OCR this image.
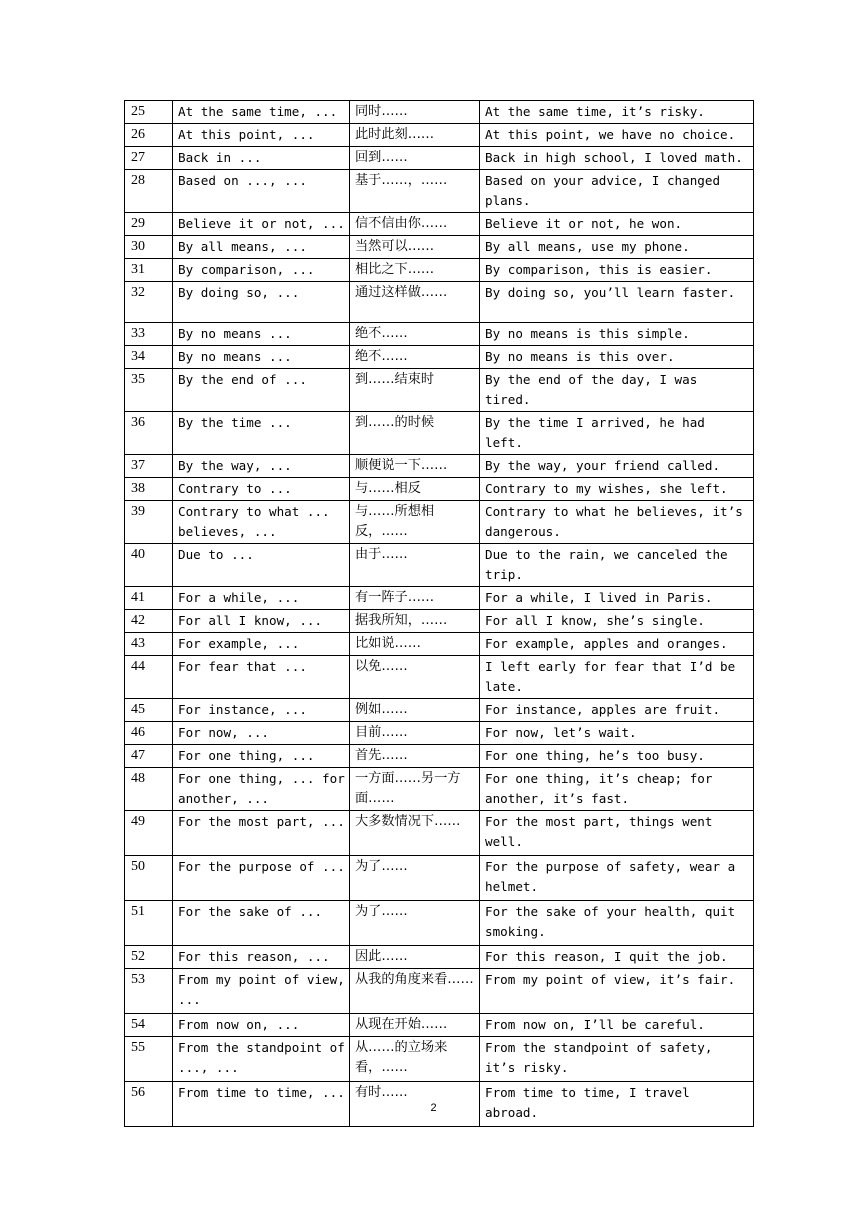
25	At the same time, ...	同时……	At the same time, it’s risky.
26	At this point, ...	此时此刻……	At this point, we have no choice.
27	Back in ...	回到……	Back in high school, I loved math.
28	Based on ..., ...	基于……，……	Based on your advice, I changed plans.
29	Believe it or not, ...	信不信由你……	Believe it or not, he won.
30	By all means, ...	当然可以……	By all means, use my phone.
31	By comparison, ...	相比之下……	By comparison, this is easier.
32	By doing so, ...	通过这样做……	By doing so, you’ll learn faster.
33	By no means ...	绝不……	By no means is this simple.
34	By no means ...	绝不……	By no means is this over.
35	By the end of ...	到……结束时	By the end of the day, I was tired.
36	By the time ...	到……的时候	By the time I arrived, he had left.
37	By the way, ...	顺便说一下……	By the way, your friend called.
38	Contrary to ...	与……相反	Contrary to my wishes, she left.
39	Contrary to what ... believes, ...	与……所想相反，……	Contrary to what he believes, it’s dangerous.
40	Due to ...	由于……	Due to the rain, we canceled the trip.
41	For a while, ...	有一阵子……	For a while, I lived in Paris.
42	For all I know, ...	据我所知，……	For all I know, she’s single.
43	For example, ...	比如说……	For example, apples and oranges.
44	For fear that ...	以免……	I left early for fear that I’d be late.
45	For instance, ...	例如……	For instance, apples are fruit.
46	For now, ...	目前……	For now, let’s wait.
47	For one thing, ...	首先……	For one thing, he’s too busy.
48	For one thing, ... for another, ...	一方面……另一方面……	For one thing, it’s cheap; for another, it’s fast.
49	For the most part, ...	大多数情况下……	For the most part, things went well.
50	For the purpose of ...	为了……	For the purpose of safety, wear a helmet.
51	For the sake of ...	为了……	For the sake of your health, quit smoking.
52	For this reason, ...	因此……	For this reason, I quit the job.
53	From my point of view, ...	从我的角度来看……	From my point of view, it’s fair.
54	From now on, ...	从现在开始……	From now on, I’ll be careful.
55	From the standpoint of ..., ...	从……的立场来看，……	From the standpoint of safety, it’s risky.
56	From time to time, ...	有时……	From time to time, I travel abroad.
2
